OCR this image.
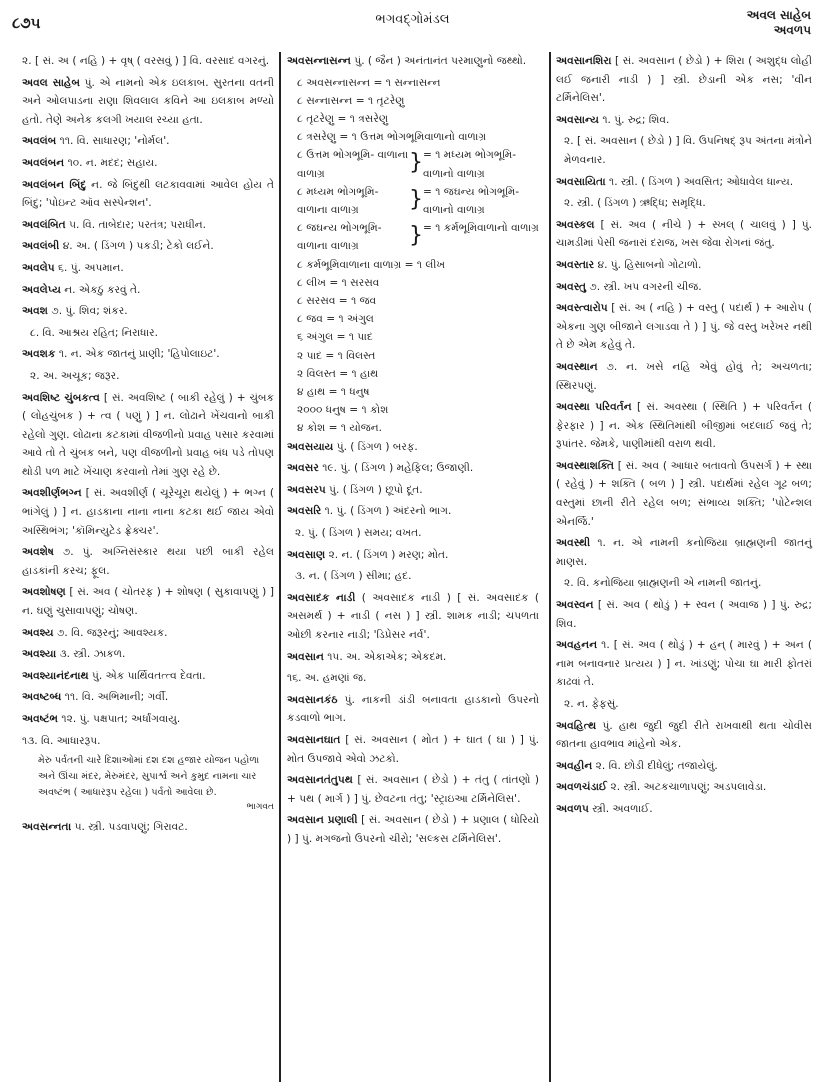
૮૭૫	ભગવદ્ગોમંડલ	અવલ સાહેબ
અવળપ
૨. [ સં. અ ( નહિ ) + વૃષ્ ( વરસવું ) ] વિ. વરસાદ વગરનું.
અવલ સાહેબ પું. એ નામનો એક ઇલકાબ. સુરતના વતની અને ઓલપાડના રાણા શિવલાલ કવિને આ ઇલકાબ મળ્યો હતો. તેણે અનેક કલગી ખયાલ રચ્યા હતા.
અવલંબ ૧૧. વિ. સાધારણ; 'નોર્મલ'.
અવલંબન ૧૦. ન. મદદ; સહાય.
અવલંબન બિંદુ ન. જે બિંદુથી લટકાવવામાં આવેલ હોય તે બિંદુ; 'પોઇન્ટ ઑવ સસ્પેન્શન'.
અવલંબિત ૫. વિ. તાબેદાર; પરતંત્ર; પરાધીન.
અવલંબી ૪. અ. ( ડિંગળ ) પકડી; ટેકો લઈને.
અવલેપ ૬. પું. અપમાન.
અવલેપ્ય ન. એકઠું કરવું તે.
અવશ ૭. પું. શિવ; શંકર.
૮. વિ. આશ્રય રહિત; નિરાધાર.
અવશક ૧. ન. એક જાતનું પ્રાણી; 'હિપોલાઇટ'.
૨. અ. અચૂક; જરૂર.
અવશિષ્ટ ચુંબકત્વ [ સં. અવશિષ્ટ ( બાકી રહેલું ) + ચુંબક ( લોહચુંબક ) + ત્વ ( પણું ) ] ન. લોઢાને ખેંચવાનો બાકી રહેલો ગુણ. લોઢાના કટકામાં વીજળીનો પ્રવાહ પસાર કરવામાં આવે તો તે ચુંબક બને, પણ વીજળીનો પ્રવાહ બંધ પડે તોપણ થોડી પળ માટે ખેંચાણ કરવાનો તેમાં ગુણ રહે છે.
અવશીર્ણભગ્ન [ સં. અવશીર્ણ ( ચૂરેચૂરા થયેલું ) + ભગ્ન ( ભાંગેલું ) ] ન. હાડકાના નાના નાના કટકા થઈ જાય એવો અસ્થિભંગ; 'કૉમિન્યુટેડ ફ્રેક્ચર'.
અવશેષ ૭. પું. અગ્નિસંસ્કાર થયા પછી બાકી રહેલ હાડકાંની કરચ; ફૂલ.
અવશોષણ [ સં. અવ ( ચોતરફ ) + શોષણ ( સુકાવાપણું ) ] ન. ઘણું ચુસાવાપણું; ચોષણ.
અવશ્ય ૭. વિ. જરૂરનું; આવશ્યક.
અવશ્યા ૩. સ્ત્રી. ઝાકળ.
અવશ્યાનંદનાથ પું. એક પાર્થિવતત્ત્વ દેવતા.
અવષ્ટબ્ધ ૧૧. વિ. અભિમાની; ગર્વી.
અવષ્ટંભ ૧૨. પું. પક્ષપાત; અર્ધાંગવાયુ.
૧૩. વિ. આધારરૂપ.
મેરુ પર્વતની ચારે દિશાઓમાં દશ દશ હજાર યોજન પહોળા અને ઊંચા મંદર, મેરુમંદર, સુપાર્શ્વ અને કુમુદ નામના ચાર અવષ્ટંભ ( આધારરૂપ રહેલા ) પર્વતો આવેલા છે.
ભાગવત
અવસન્નતા ૫. સ્ત્રી. પડવાપણું; ગિરાવટ.
અવસન્નાસન્ન પું. ( જૈન ) અનંતાનંત પરમાણુનો જથ્થો.
૮ અવસન્નાસન્ન = ૧ સન્નાસન્ન
૮ સન્નાસન્ન = ૧ તૃટરેણુ
૮ તૃટરેણુ = ૧ ત્રસરેણુ
૮ ત્રસરેણુ = ૧ ઉત્તમ ભોગભૂમિવાળાનો વાળાગ્ર
૮ ઉત્તમ ભોગભૂમિ- વાળાના વાળાગ્ર	} = ૧ મધ્યમ ભોગભૂમિ- વાળાનો વાળાગ્ર
૮ મધ્યમ ભોગભૂમિ- વાળાના વાળાગ્ર	} = ૧ જઘન્ય ભોગભૂમિ- વાળાનો વાળાગ્ર
૮ જઘન્ય ભોગભૂમિ- વાળાના વાળાગ્ર	} = ૧ કર્મભૂમિવાળાનો વાળાગ્ર
૮ કર્મભૂમિવાળાના વાળાગ્ર = ૧ લીખ
૮ લીખ = ૧ સરસવ
૮ સરસવ = ૧ જવ
૮ જવ = ૧ અંગુલ
૬ અંગુલ = ૧ પાદ
૨ પાદ = ૧ વિલસ્ત
૨ વિલસ્ત = ૧ હાથ
૪ હાથ = ૧ ધનુષ
૨૦૦૦ ધનુષ = ૧ કોશ
૪ કોશ = ૧ યોજન.
અવસયાય પું. ( ડિંગળ ) બરફ.
અવસર ૧૯. પું. ( ડિંગળ ) મહેફિલ; ઉજાણી.
અવસરપ પું. ( ડિંગળ ) છૂપો દૂત.
અવસરિ ૧. પું. ( ડિંગળ ) અંદરનો ભાગ.
૨. પું. ( ડિંગળ ) સમય; વખત.
અવસાણ ૨. ન. ( ડિંગળ ) મરણ; મોત.
૩. ન. ( ડિંગળ ) સીમા; હદ.
અવસાદક નાડી ( અવસાદક નાડી ) [ સં. અવસાદક ( અસમર્થ ) + નાડી ( નસ ) ] સ્ત્રી. શામક નાડી; ચપળતા ઓછી કરનાર નાડી; 'ડિપ્રેસર નર્વ'.
અવસાન ૧૫. અ. એકાએક; એકદમ.
૧૬. અ. હમણાં જ.
અવસાનકંઠ પું. નાકની ડાંડી બનાવતા હાડકાનો ઉપરનો કડવાળો ભાગ.
અવસાનઘાત [ સં. અવસાન ( મોત ) + ઘાત ( ઘા ) ] પું. મોત ઉપજાવે એવો ઝટકો.
અવસાનતંતુપથ [ સં. અવસાન ( છેડો ) + તંતુ ( તાંતણો ) + પથ ( માર્ગ ) ] પું. છેવટના તંતુ; 'સ્ટ્રાઇઆ ટર્મિનેલિસ'.
અવસાન પ્રણાલી [ સં. અવસાન ( છેડો ) + પ્રણાલ ( ધોરિયો ) ] પું. મગજનો ઉપરનો ચીરો; 'સલ્કસ ટર્મિનેલિસ'.
અવસાનશિરા [ સં. અવસાન ( છેડો ) + શિરા ( અશુદ્ધ લોહી લઈ જનારી નાડી ) ] સ્ત્રી. છેડાની એક નસ; 'વીન ટર્મિનેલિસ'.
અવસાન્ય ૧. પું. રુદ્ર; શિવ.
૨. [ સં. અવસાન ( છેડો ) ] વિ. ઉપનિષદ્ રૂપ અંતના મંત્રોને મેળવનાર.
અવસાયિતા ૧. સ્ત્રી. ( ડિંગળ ) અવસિત; ઓધાવેલ ધાન્ય.
૨. સ્ત્રી. ( ડિંગળ ) ઋદ્ધિ; સમૃદ્ધિ.
અવસ્કલ [ સં. અવ ( નીચે ) + સ્ખલ્ ( ચાલવું ) ] પું. ચામડીમાં પેસી જનારાં દરાજ, ખસ જેવા રોગનાં જંતુ.
અવસ્તાર ૪. પું. હિસાબનો ગોટાળો.
અવસ્તુ ૭. સ્ત્રી. ખપ વગરની ચીજ.
અવસ્ત્વારોપ [ સં. અ ( નહિ ) + વસ્તુ ( પદાર્થ ) + આરોપ ( એકના ગુણ બીજાને લગાડવા તે ) ] પું. જે વસ્તુ ખરેખર નથી તે છે એમ કહેવું તે.
અવસ્થાન ૭. ન. ખસે નહિ એવું હોવું તે; અચળતા; સ્થિરપણું.
અવસ્થા પરિવર્તન [ સં. અવસ્થા ( સ્થિતિ ) + પરિવર્તન ( ફેરફાર ) ] ન. એક સ્થિતિમાંથી બીજીમાં બદલાઈ જવું તે; રૂપાંતર. જેમકે, પાણીમાંથી વરાળ થવી.
અવસ્થાશક્તિ [ સં. અવ ( આધાર બતાવતો ઉપસર્ગ ) + સ્થા ( રહેવું ) + શક્તિ ( બળ ) ] સ્ત્રી. પદાર્થમાં રહેલ ગૂઢ બળ; વસ્તુમાં છાની રીતે રહેલ બળ; સંભાવ્ય શક્તિ; 'પોટેન્શલ એનર્જિ.'
અવસ્થી ૧. ન. એ નામની કનોજિયા બ્રાહ્મણની જાતનું માણસ.
૨. વિ. કનોજિયા બ્રાહ્મણની એ નામની જાતનું.
અવસ્વન [ સં. અવ ( થોડું ) + સ્વન ( અવાજ ) ] પું. રુદ્ર; શિવ.
અવહનન ૧. [ સં. અવ ( થોડું ) + હન્ ( મારવું ) + અન ( નામ બનાવનાર પ્રત્યય ) ] ન. ખાંડણું; પોચા ઘા મારી ફોતરાં કાઢવાં તે.
૨. ન. ફેફસું.
અવહિત્થ પું. હાથ જુદી જુદી રીતે રાખવાથી થતા ચોવીસ જાતના હાવભાવ માંહેનો એક.
અવહીન ૨. વિ. છોડી દીધેલું; તજાયેલું.
અવળચંડાઈ ૨. સ્ત્રી. અટકચાળાપણું; અડપલાવેડા.
અવળપ સ્ત્રી. અવળાઈ.
